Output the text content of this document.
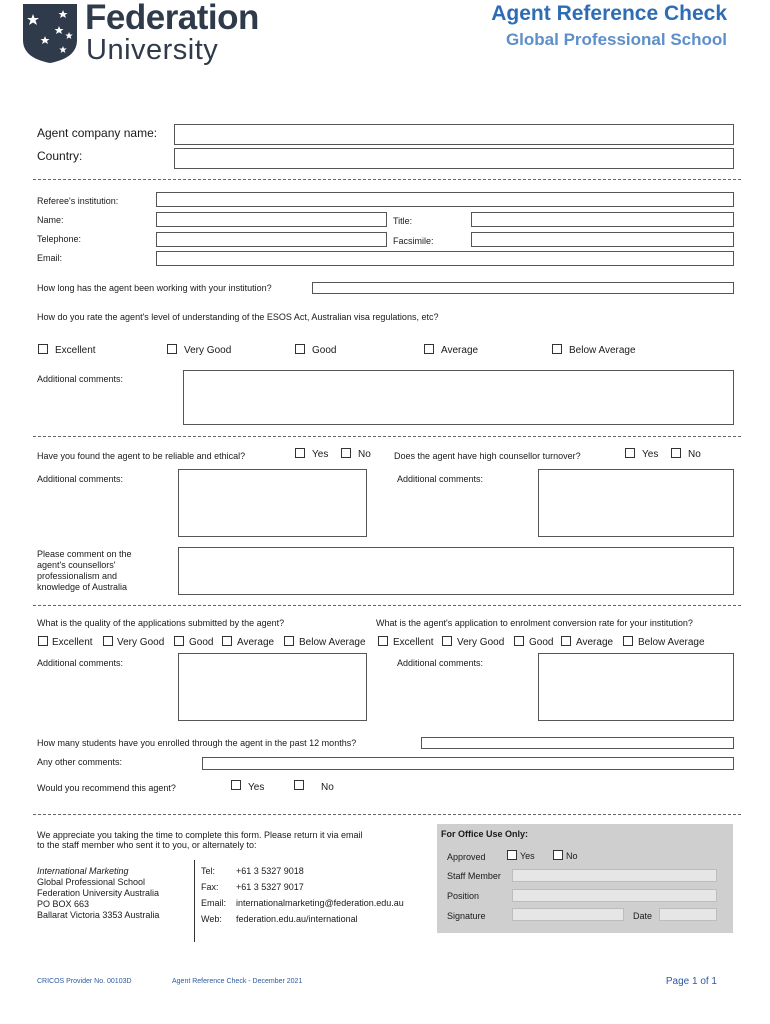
Federation
University
Agent Reference Check
Global Professional School
Agent company name:
Country:
Referee's institution:
Name:	Title:
Telephone:	Facsimile:
Email:
How long has the agent been working with your institution?
How do you rate the agent's level of understanding of the ESOS Act, Australian visa regulations, etc?
Excellent	Very Good	Good	Average	Below Average
Additional comments:
Have you found the agent to be reliable and ethical?	Yes	No	Does the agent have high counsellor turnover?	Yes	No
Additional comments:	Additional comments:
Please comment on the
agent's counsellors'
professionalism and
knowledge of Australia
What is the quality of the applications submitted by the agent?	What is the agent's application to enrolment conversion rate for your institution?
Excellent Very Good Good Average Below Average	Excellent Very Good Good Average Below Average
Additional comments:	Additional comments:
How many students have you enrolled through the agent in the past 12 months?
Any other comments:
Would you recommend this agent?	Yes	No
We appreciate you taking the time to complete this form. Please return it via email
to the staff member who sent it to you, or alternately to:
International Marketing
Global Professional School
Federation University Australia
PO BOX 663
Ballarat Victoria 3353 Australia
Tel: +61 3 5327 9018
Fax: +61 3 5327 9017
Email: internationalmarketing@federation.edu.au
Web: federation.edu.au/international
For Office Use Only:
Approved	Yes	No
Staff Member
Position
Signature	Date
CRICOS Provider No. 00103D	Agent Reference Check - December 2021	Page 1 of 1
